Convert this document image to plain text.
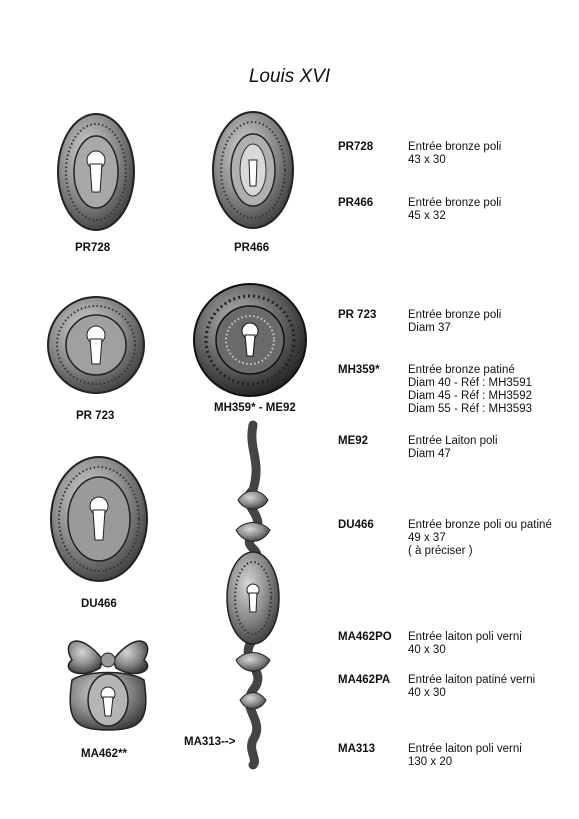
Louis XVI
PR728	PR466
PR 723
MH359* - ME92
DU466
MA462**
MA313-->
PR728	Entrée bronze poli
43 x 30
PR466	Entrée bronze poli
45 x 32
PR 723	Entrée bronze poli
Diam 37
MH359* Entrée bronze patiné
Diam 40 - Réf : MH3591
Diam 45 - Réf : MH3592
Diam 55 - Réf : MH3593
ME92	Entrée Laiton poli
Diam 47
DU466	Entrée bronze poli ou patiné
49 x 37
( à préciser )
MA462PO Entrée laiton poli verni
40 x 30
MA462PA Entrée laiton patiné verni
40 x 30
MA313	Entrée laiton poli verni
130 x 20
